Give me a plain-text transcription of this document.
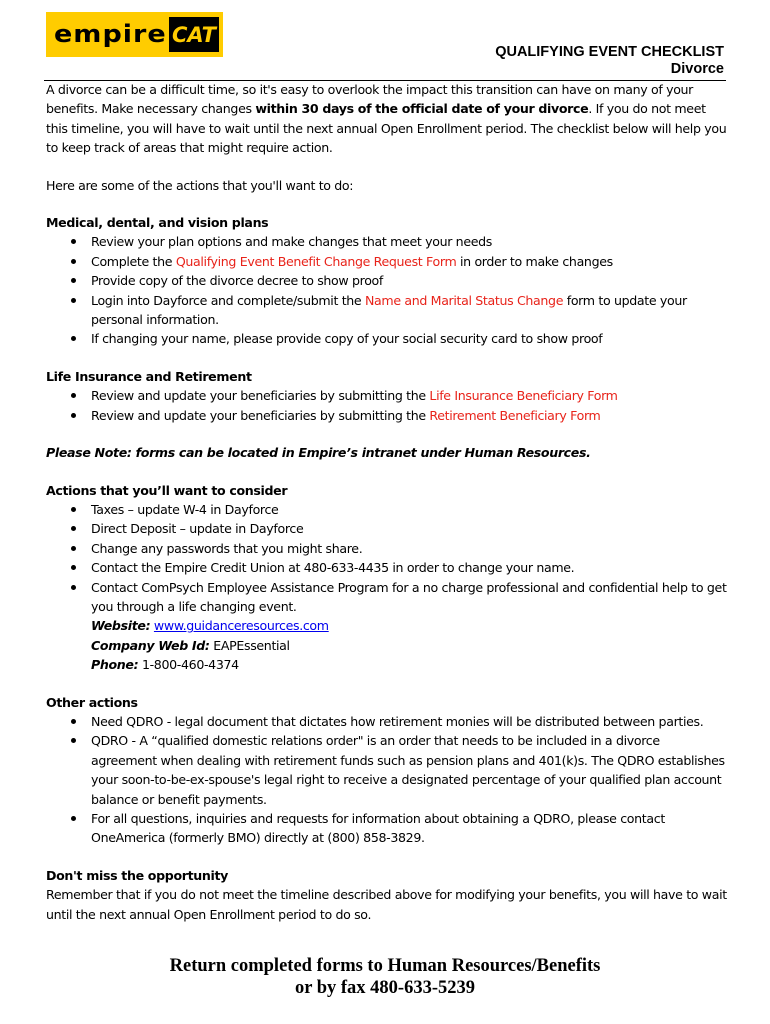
empire CAT
QUALIFYING EVENT CHECKLIST
Divorce

A divorce can be a difficult time, so it's easy to overlook the impact this transition can have on many of your benefits. Make necessary changes within 30 days of the official date of your divorce. If you do not meet this timeline, you will have to wait until the next annual Open Enrollment period. The checklist below will help you to keep track of areas that might require action.

Here are some of the actions that you'll want to do:

Medical, dental, and vision plans

Review your plan options and make changes that meet your needs
Complete the Qualifying Event Benefit Change Request Form in order to make changes
Provide copy of the divorce decree to show proof
Login into Dayforce and complete/submit the Name and Marital Status Change form to update your personal information.
If changing your name, please provide copy of your social security card to show proof

Life Insurance and Retirement

Review and update your beneficiaries by submitting the Life Insurance Beneficiary Form
Review and update your beneficiaries by submitting the Retirement Beneficiary Form

Please Note: forms can be located in Empire’s intranet under Human Resources.

Actions that you’ll want to consider

Taxes – update W-4 in Dayforce
Direct Deposit – update in Dayforce
Change any passwords that you might share.
Contact the Empire Credit Union at 480-633-4435 in order to change your name.
Contact ComPsych Employee Assistance Program for a no charge professional and confidential help to get you through a life changing event.
Website: www.guidanceresources.com
Company Web Id: EAPEssential
Phone: 1-800-460-4374

Other actions

Need QDRO - legal document that dictates how retirement monies will be distributed between parties.
QDRO - A “qualified domestic relations order" is an order that needs to be included in a divorce agreement when dealing with retirement funds such as pension plans and 401(k)s. The QDRO establishes your soon-to-be-ex-spouse's legal right to receive a designated percentage of your qualified plan account balance or benefit payments.
For all questions, inquiries and requests for information about obtaining a QDRO, please contact OneAmerica (formerly BMO) directly at (800) 858-3829.

Don't miss the opportunity

Remember that if you do not meet the timeline described above for modifying your benefits, you will have to wait until the next annual Open Enrollment period to do so.

Return completed forms to Human Resources/Benefits
or by fax 480-633-5239
